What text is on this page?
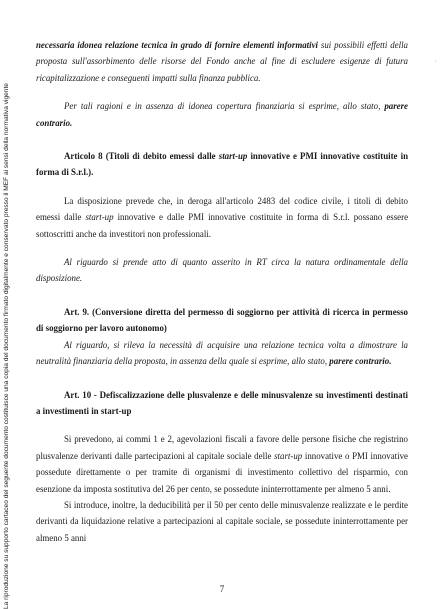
La riproduzione su supporto cartaceo del seguente documento costituisce una copia del documento firmato digitalmente e conservato presso il MEF ai sensi della normativa vigente
·

necessaria idonea relazione tecnica in grado di fornire elementi informativi sui possibili effetti della proposta sull'assorbimento delle risorse del Fondo anche al fine di escludere esigenze di futura ricapitalizzazione e conseguenti impatti sulla finanza pubblica.

Per tali ragioni e in assenza di idonea copertura finanziaria si esprime, allo stato, parere contrario.

Articolo 8 (Titoli di debito emessi dalle start-up innovative e PMI innovative costituite in forma di S.r.l.).

La disposizione prevede che, in deroga all'articolo 2483 del codice civile, i titoli di debito emessi dalle start-up innovative e dalle PMI innovative costituite in forma di S.r.l. possano essere sottoscritti anche da investitori non professionali.

Al riguardo si prende atto di quanto asserito in RT circa la natura ordinamentale della disposizione.

Art. 9. (Conversione diretta del permesso di soggiorno per attività di ricerca in permesso di soggiorno per lavoro autonomo)

Al riguardo, si rileva la necessità di acquisire una relazione tecnica volta a dimostrare la neutralità finanziaria della proposta, in assenza della quale si esprime, allo stato, parere contrario.

Art. 10 - Defiscalizzazione delle plusvalenze e delle minusvalenze su investimenti destinati a investimenti in start-up

Si prevedono, ai commi 1 e 2, agevolazioni fiscali a favore delle persone fisiche che registrino plusvalenze derivanti dalle partecipazioni al capitale sociale delle start-up innovative o PMI innovative possedute direttamente o per tramite di organismi di investimento collettivo del risparmio, con esenzione da imposta sostitutiva del 26 per cento, se possedute ininterrottamente per almeno 5 anni.

Si introduce, inoltre, la deducibilità per il 50 per cento delle minusvalenze realizzate e le perdite derivanti da liquidazione relative a partecipazioni al capitale sociale, se possedute ininterrottamente per almeno 5 anni

7
